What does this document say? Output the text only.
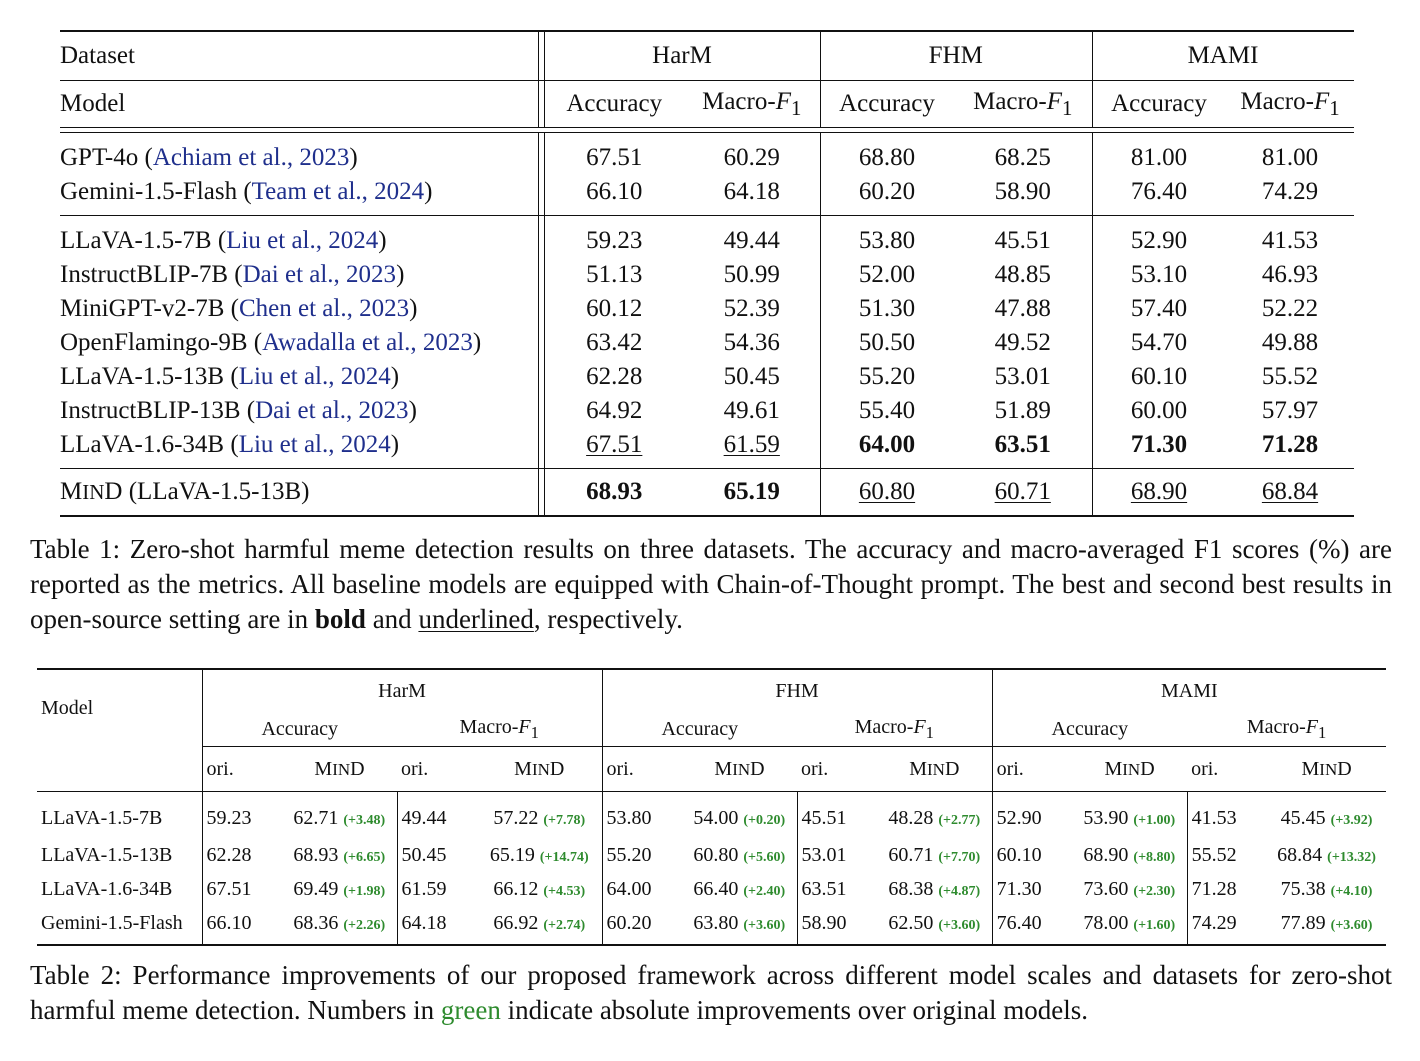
Dataset		HarM		FHM		MAMI	
Model		Accuracy	Macro-$F_1$		Accuracy	Macro-$F_1$		Accuracy	Macro-$F_1$

GPT-4o (Achiam et al., 2023)		67.51	60.29		68.80	68.25		81.00	81.00
Gemini-1.5-Flash (Team et al., 2024)		66.10	64.18		60.20	58.90		76.40	74.29
LLaVA-1.5-7B (Liu et al., 2024)		59.23	49.44		53.80	45.51		52.90	41.53
InstructBLIP-7B (Dai et al., 2023)		51.13	50.99		52.00	48.85		53.10	46.93
MiniGPT-v2-7B (Chen et al., 2023)		60.12	52.39		51.30	47.88		57.40	52.22
OpenFlamingo-9B (Awadalla et al., 2023)		63.42	54.36		50.50	49.52		54.70	49.88
LLaVA-1.5-13B (Liu et al., 2024)		62.28	50.45		55.20	53.01		60.10	55.52
InstructBLIP-13B (Dai et al., 2023)		64.92	49.61		55.40	51.89		60.00	57.97
LLaVA-1.6-34B (Liu et al., 2024)		67.51	61.59		64.00	63.51		71.30	71.28
MIND (LLaVA-1.5-13B)		68.93	65.19		60.80	60.71		68.90	68.84
Table 1: Zero-shot harmful meme detection results on three datasets. The accuracy and macro-averaged F1 scores (%) are reported as the metrics. All baseline models are equipped with Chain-of-Thought prompt. The best and second best results in open-source setting are in bold and underlined, respectively.
Model	HarM				FHM				MAMI			
	Accuracy		Macro-$F_1$		Accuracy		Macro-$F_1$		Accuracy		Macro-$F_1$
	ori.	MIND	ori.	MIND	ori.	MIND	ori.	MIND	ori.	MIND	ori.	MIND
LLaVA-1.5-7B	59.23	62.71 (+3.48)	49.44	57.22 (+7.78)	53.80	54.00 (+0.20)	45.51	48.28 (+2.77)	52.90	53.90 (+1.00)	41.53	45.45 (+3.92)
LLaVA-1.5-13B	62.28	68.93 (+6.65)	50.45	65.19 (+14.74)	55.20	60.80 (+5.60)	53.01	60.71 (+7.70)	60.10	68.90 (+8.80)	55.52	68.84 (+13.32)
LLaVA-1.6-34B	67.51	69.49 (+1.98)	61.59	66.12 (+4.53)	64.00	66.40 (+2.40)	63.51	68.38 (+4.87)	71.30	73.60 (+2.30)	71.28	75.38 (+4.10)
Gemini-1.5-Flash	66.10	68.36 (+2.26)	64.18	66.92 (+2.74)	60.20	63.80 (+3.60)	58.90	62.50 (+3.60)	76.40	78.00 (+1.60)	74.29	77.89 (+3.60)
Table 2: Performance improvements of our proposed framework across different model scales and datasets for zero-shot harmful meme detection. Numbers in green indicate absolute improvements over original models.
